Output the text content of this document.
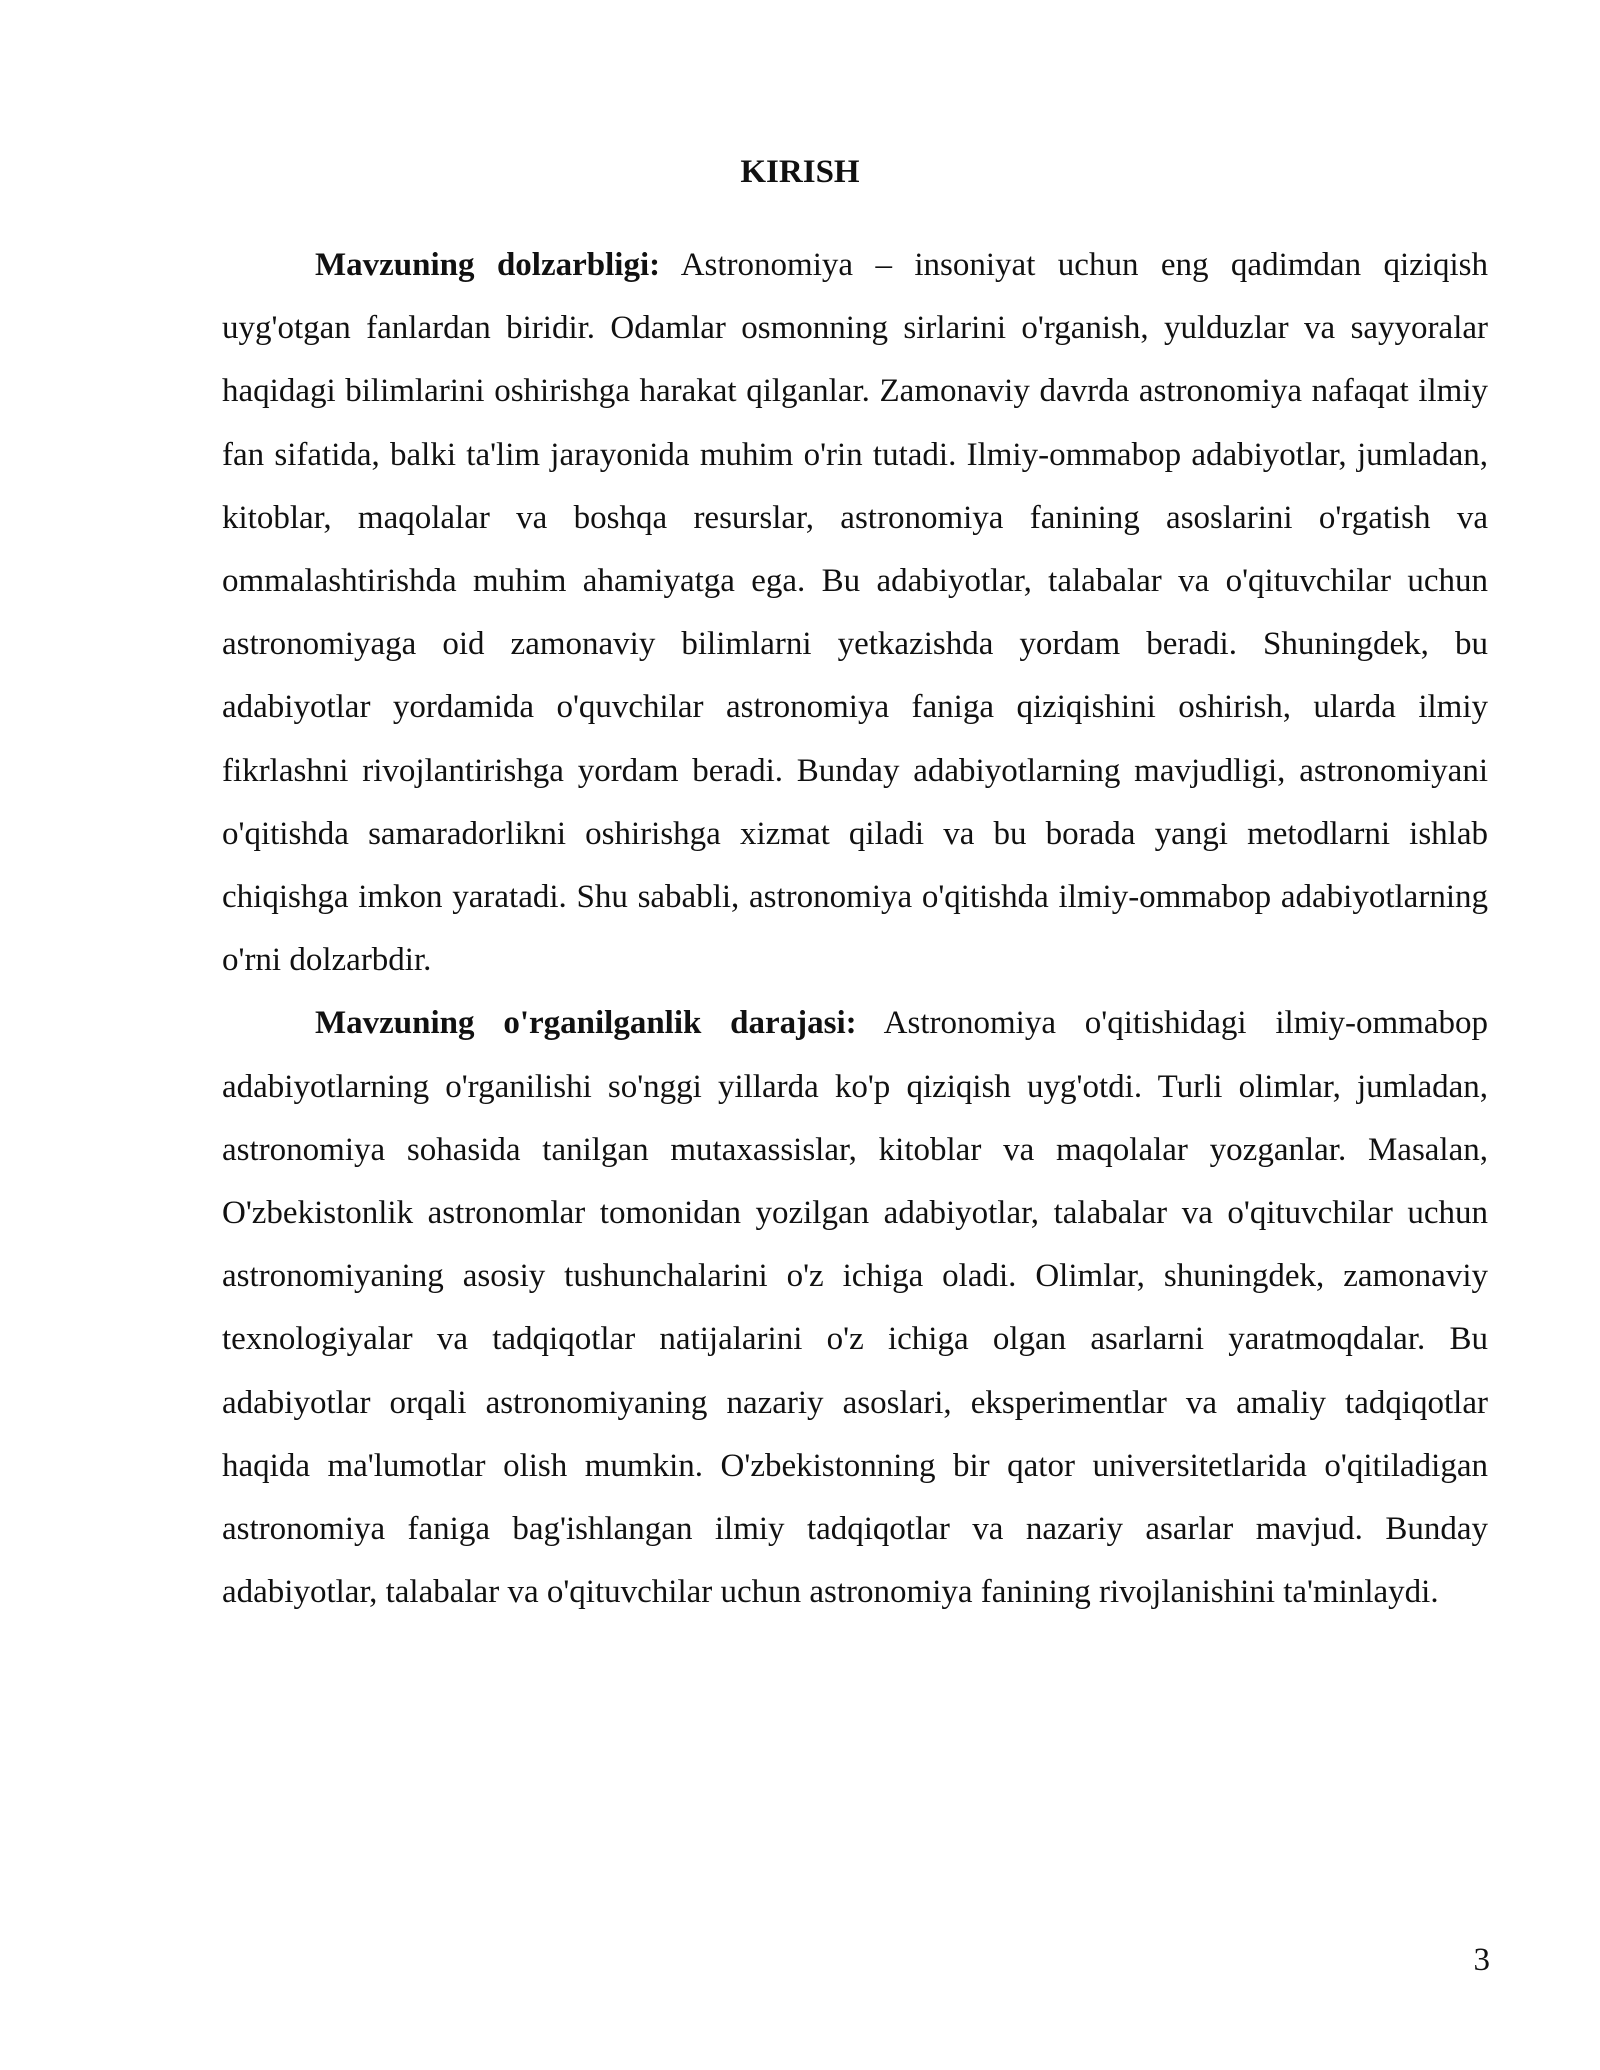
KIRISH

Mavzuning dolzarbligi: Astronomiya – insoniyat uchun eng qadimdan qiziqish uyg'otgan fanlardan biridir. Odamlar osmonning sirlarini o'rganish, yulduzlar va sayyoralar haqidagi bilimlarini oshirishga harakat qilganlar. Zamonaviy davrda astronomiya nafaqat ilmiy fan sifatida, balki ta'lim jarayonida muhim o'rin tutadi. Ilmiy-ommabop adabiyotlar, jumladan, kitoblar, maqolalar va boshqa resurslar, astronomiya fanining asoslarini o'rgatish va ommalashtirishda muhim ahamiyatga ega. Bu adabiyotlar, talabalar va o'qituvchilar uchun astronomiyaga oid zamonaviy bilimlarni yetkazishda yordam beradi. Shuningdek, bu adabiyotlar yordamida o'quvchilar astronomiya faniga qiziqishini oshirish, ularda ilmiy fikrlashni rivojlantirishga yordam beradi. Bunday adabiyotlarning mavjudligi, astronomiyani o'qitishda samaradorlikni oshirishga xizmat qiladi va bu borada yangi metodlarni ishlab chiqishga imkon yaratadi. Shu sababli, astronomiya o'qitishda ilmiy-ommabop adabiyotlarning o'rni dolzarbdir.

Mavzuning o'rganilganlik darajasi: Astronomiya o'qitishidagi ilmiy-ommabop adabiyotlarning o'rganilishi so'nggi yillarda ko'p qiziqish uyg'otdi. Turli olimlar, jumladan, astronomiya sohasida tanilgan mutaxassislar, kitoblar va maqolalar yozganlar. Masalan, O'zbekistonlik astronomlar tomonidan yozilgan adabiyotlar, talabalar va o'qituvchilar uchun astronomiyaning asosiy tushunchalarini o'z ichiga oladi. Olimlar, shuningdek, zamonaviy texnologiyalar va tadqiqotlar natijalarini o'z ichiga olgan asarlarni yaratmoqdalar. Bu adabiyotlar orqali astronomiyaning nazariy asoslari, eksperimentlar va amaliy tadqiqotlar haqida ma'lumotlar olish mumkin. O'zbekistonning bir qator universitetlarida o'qitiladigan astronomiya faniga bag'ishlangan ilmiy tadqiqotlar va nazariy asarlar mavjud. Bunday adabiyotlar, talabalar va o'qituvchilar uchun astronomiya fanining rivojlanishini ta'minlaydi.

3
